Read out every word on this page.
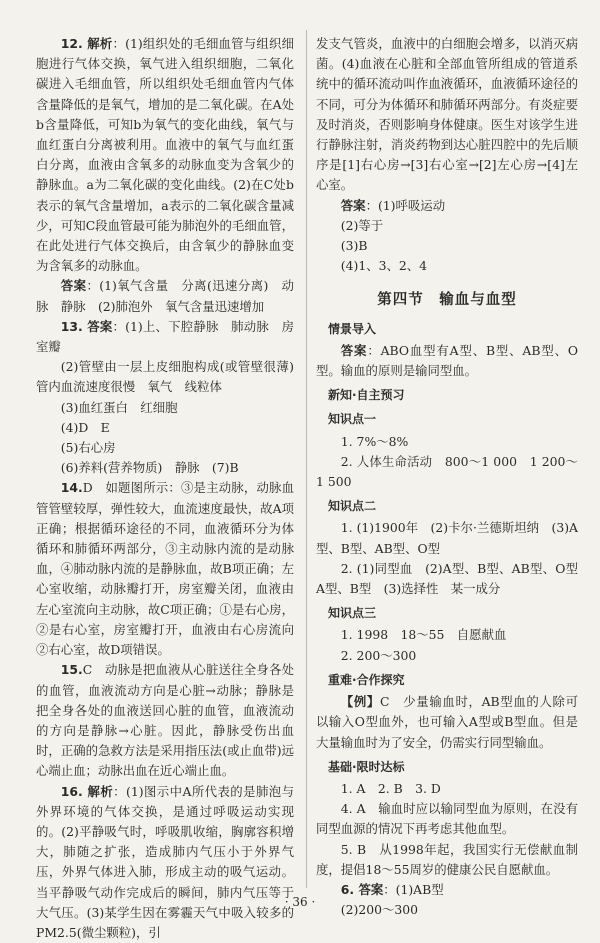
12. 解析：(1)组织处的毛细血管与组织细胞进行气体交换，氧气进入组织细胞，二氧化碳进入毛细血管，所以组织处毛细血管内气体含量降低的是氧气，增加的是二氧化碳。在A处b含量降低，可知b为氧气的变化曲线，氧气与血红蛋白分离被利用。血液中的氧气与血红蛋白分离，血液由含氧多的动脉血变为含氧少的静脉血。a为二氧化碳的变化曲线。(2)在C处b表示的氧气含量增加，a表示的二氧化碳含量减少，可知C段血管最可能为肺泡外的毛细血管，在此处进行气体交换后，由含氧少的静脉血变为含氧多的动脉血。

答案：(1)氧气含量　分离(迅速分离)　动脉　静脉　(2)肺泡外　氧气含量迅速增加

13. 答案：(1)上、下腔静脉　肺动脉　房室瓣

(2)管壁由一层上皮细胞构成(或管壁很薄)　管内血流速度很慢　氧气　线粒体

(3)血红蛋白　红细胞

(4)D　E

(5)右心房

(6)养料(营养物质)　静脉　(7)B

14.D　如题图所示：③是主动脉，动脉血管管壁较厚，弹性较大，血流速度最快，故A项正确；根据循环途径的不同，血液循环分为体循环和肺循环两部分，③主动脉内流的是动脉血，④肺动脉内流的是静脉血，故B项正确；左心室收缩，动脉瓣打开，房室瓣关闭，血液由左心室流向主动脉，故C项正确；①是右心房，②是右心室，房室瓣打开，血液由右心房流向②右心室，故D项错误。

15.C　动脉是把血液从心脏送往全身各处的血管，血液流动方向是心脏→动脉；静脉是把全身各处的血液送回心脏的血管，血液流动的方向是静脉→心脏。因此，静脉受伤出血时，正确的急救方法是采用指压法(或止血带)远心端止血；动脉出血在近心端止血。

16. 解析：(1)图示中A所代表的是肺泡与外界环境的气体交换，是通过呼吸运动实现的。(2)平静吸气时，呼吸肌收缩，胸廓容积增大，肺随之扩张，造成肺内气压小于外界气压，外界气体进入肺，形成主动的吸气运动。当平静吸气动作完成后的瞬间，肺内气压等于大气压。(3)某学生因在雾霾天气中吸入较多的PM2.5(微尘颗粒)，引

发支气管炎，血液中的白细胞会增多，以消灭病菌。(4)血液在心脏和全部血管所组成的管道系统中的循环流动叫作血液循环，血液循环途径的不同，可分为体循环和肺循环两部分。有炎症要及时消炎，否则影响身体健康。医生对该学生进行静脉注射，消炎药物到达心脏四腔中的先后顺序是[1]右心房→[3]右心室→[2]左心房→[4]左心室。

答案：(1)呼吸运动

(2)等于

(3)B

(4)1、3、2、4

第四节　输血与血型
情景导入

答案：ABO血型有A型、B型、AB型、O型。输血的原则是输同型血。

新知·自主预习
知识点一

1. 7%～8%

2. 人体生命活动　800～1 000　1 200～1 500

知识点二

1. (1)1900年　(2)卡尔·兰德斯坦纳　(3)A型、B型、AB型、O型

2. (1)同型血　(2)A型、B型、AB型、O型　A型、B型　(3)选择性　某一成分

知识点三

1. 1998　18～55　自愿献血

2. 200～300

重难·合作探究

【例】C　少量输血时，AB型血的人除可以输入O型血外，也可输入A型或B型血。但是大量输血时为了安全，仍需实行同型输血。

基础·限时达标

1. A　2. B　3. D

4. A　输血时应以输同型血为原则，在没有同型血源的情况下再考虑其他血型。

5. B　从1998年起，我国实行无偿献血制度，提倡18～55周岁的健康公民自愿献血。

6. 答案：(1)AB型

(2)200～300

· 36 ·
